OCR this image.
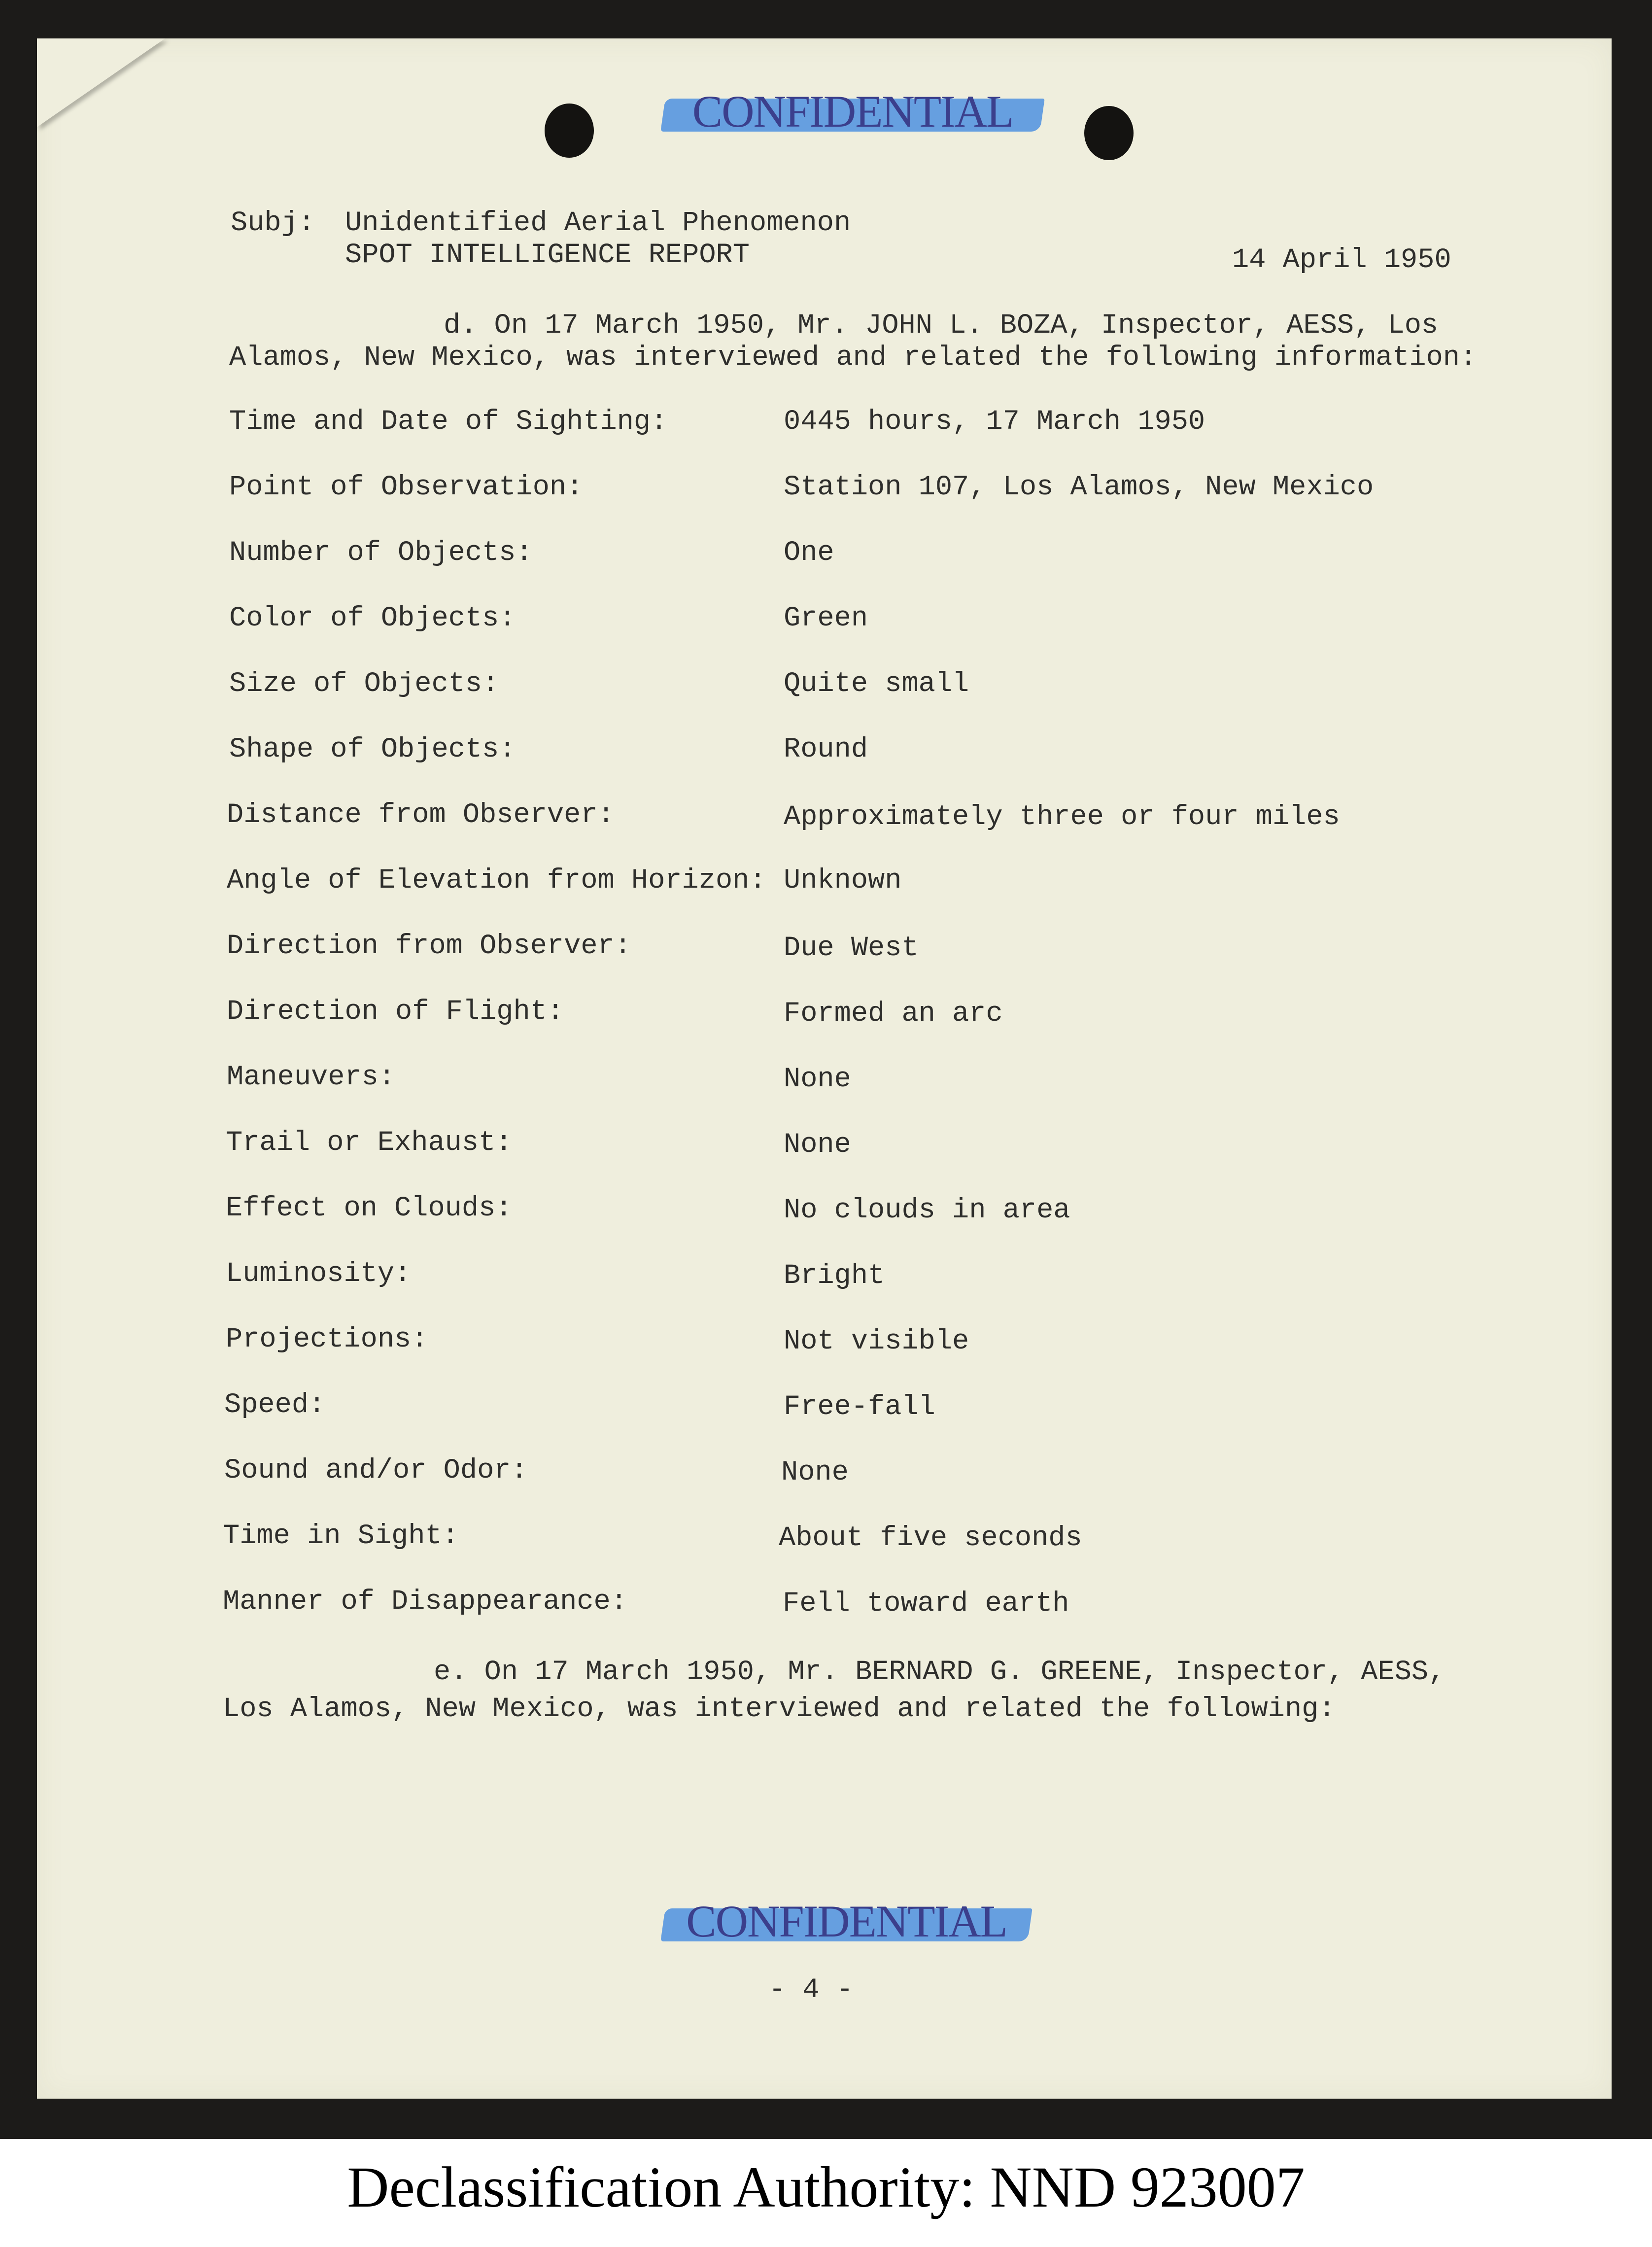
CONFIDENTIAL
Subj: Unidentified Aerial Phenomenon
SPOT INTELLIGENCE REPORT	14 April 1950
d. On 17 March 1950, Mr. JOHN L. BOZA, Inspector, AESS, Los
Alamos, New Mexico, was interviewed and related the following information:
Time and Date of Sighting:	0445 hours, 17 March 1950
Point of Observation:	Station 107, Los Alamos, New Mexico
Number of Objects:	One
Color of Objects:	Green
Size of Objects:	Quite small
Shape of Objects:	Round
Distance from Observer:	Approximately three or four miles
Angle of Elevation from Horizon: Unknown
Direction from Observer:	Due West
Direction of Flight:	Formed an arc
Maneuvers:	None
Trail or Exhaust:	None
Effect on Clouds:	No clouds in area
Luminosity:	Bright
Projections:	Not visible
Speed:	Free-fall
Sound and/or Odor:	None
Time in Sight:	About five seconds
Manner of Disappearance:	Fell toward earth
e. On 17 March 1950, Mr. BERNARD G. GREENE, Inspector, AESS,
Los Alamos, New Mexico, was interviewed and related the following:
CONFIDENTIAL
- 4 -
Declassification Authority: NND 923007
